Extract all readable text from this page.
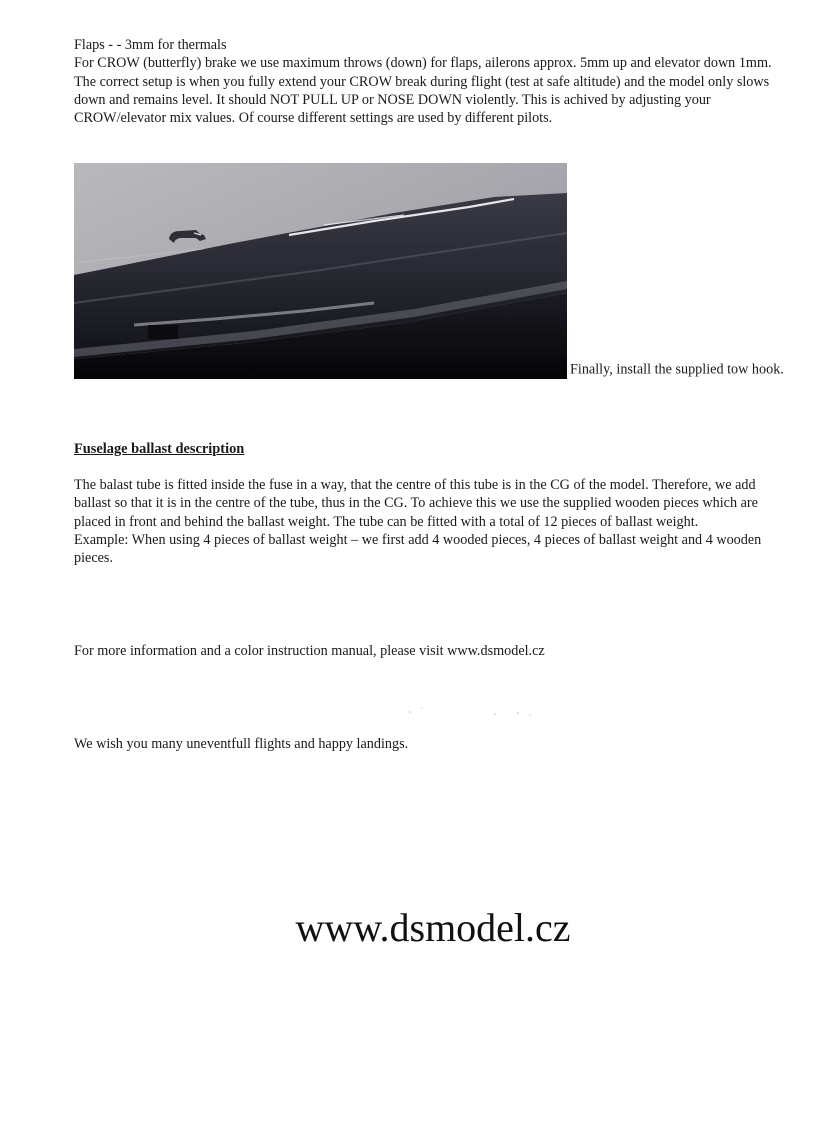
Flaps - - 3mm for thermals

For CROW (butterfly) brake we use maximum throws (down) for flaps, ailerons approx. 5mm up and elevator down 1mm.

The correct setup is when you fully extend your CROW break during flight (test at safe altitude) and the model only slows down and remains level. It should NOT PULL UP or NOSE DOWN violently. This is achived by adjusting your CROW/elevator mix values. Of course different settings are used by different pilots.

Finally, install the supplied tow hook.
Fuselage ballast description

The balast tube is fitted inside the fuse in a way, that the centre of this tube is in the CG of the model. Therefore, we add ballast so that it is in the centre of the tube, thus in the CG. To achieve this we use the supplied wooden pieces which are placed in front and behind the ballast weight. The tube can be fitted with a total of 12 pieces of ballast weight.

Example: When using 4 pieces of ballast weight – we first add 4 wooded pieces, 4 pieces of ballast weight and 4 wooden pieces.

For more information and a color instruction manual, please visit www.dsmodel.cz
We wish you many uneventfull flights and happy landings.
www.dsmodel.cz
